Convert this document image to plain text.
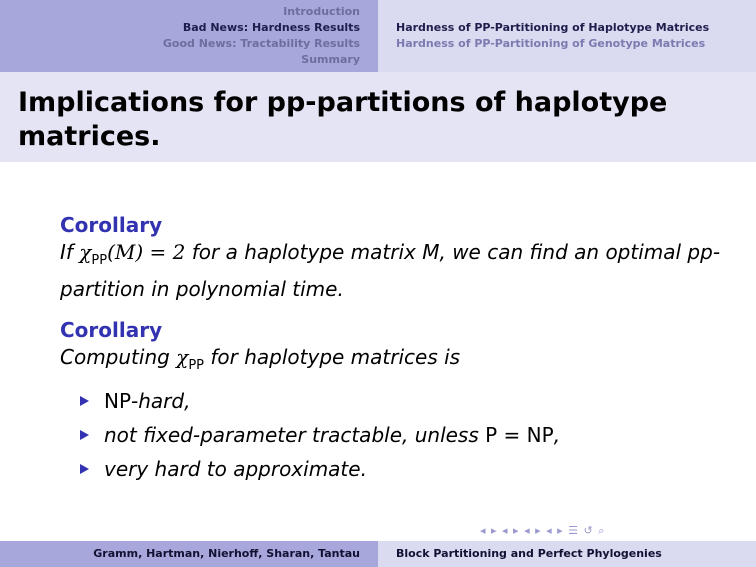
Introduction
Bad News: Hardness Results
Good News: Tractability Results
Summary
Hardness of PP-Partitioning of Haplotype Matrices
Hardness of PP-Partitioning of Genotype Matrices
Implications for pp-partitions of haplotype matrices.
Corollary
If $\chi_{PP}(M) = 2$ for a haplotype matrix M, we can find an optimal pp-partition in polynomial time.
Corollary
Computing $\chi_{PP}$ for haplotype matrices is
NP-hard,
not fixed-parameter tractable, unless P = NP,
very hard to approximate.
◂ ▸ ◂ ▸ ◂ ▸ ◂ ▸ ☰ ↺ ⌕
Gramm, Hartman, Nierhoff, Sharan, Tantau	Block Partitioning and Perfect Phylogenies
